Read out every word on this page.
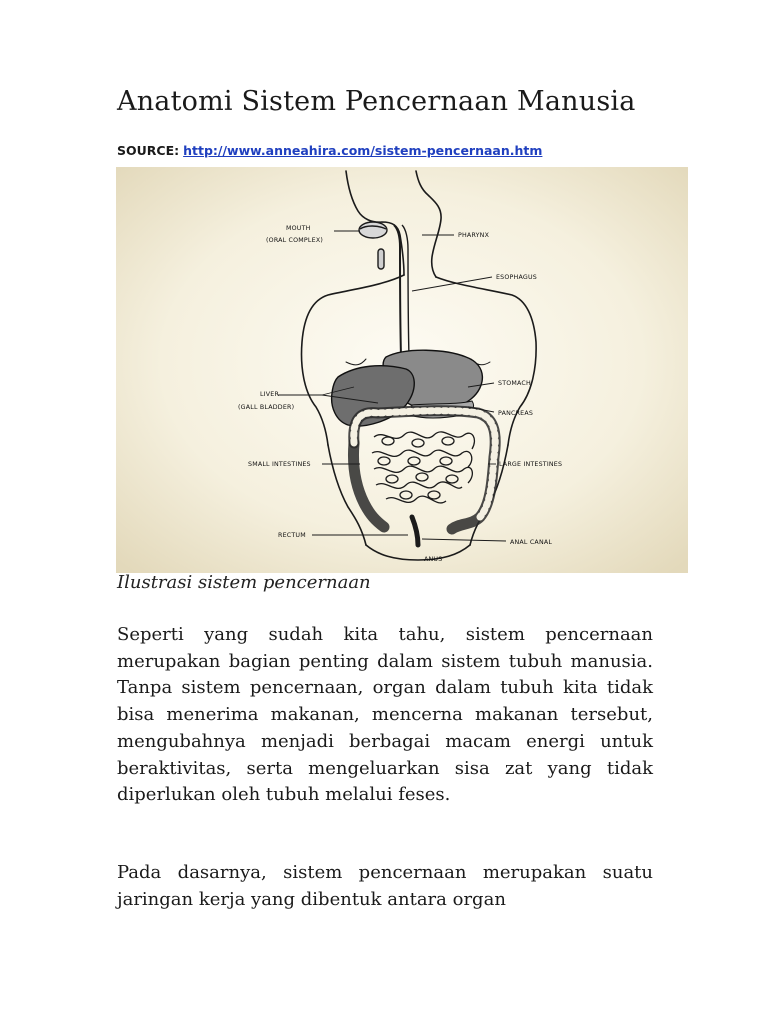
Anatomi Sistem Pencernaan Manusia
SOURCE: http://www.anneahira.com/sistem-pencernaan.htm
MOUTH
(ORAL COMPLEX)
PHARYNX
ESOPHAGUS
STOMACH
LIVER
(GALL BLADDER)
PANCREAS
SMALL INTESTINES	LARGE INTESTINES
RECTUM
ANAL CANAL
ANUS
Ilustrasi sistem pencernaan

Seperti yang sudah kita tahu, sistem pencernaan merupakan bagian penting dalam sistem tubuh manusia. Tanpa sistem pencernaan, organ dalam tubuh kita tidak bisa menerima makanan, mencerna makanan tersebut, mengubahnya menjadi berbagai macam energi untuk beraktivitas, serta mengeluarkan sisa zat yang tidak diperlukan oleh tubuh melalui feses.

Pada dasarnya, sistem pencernaan merupakan suatu jaringan kerja yang dibentuk antara organ
